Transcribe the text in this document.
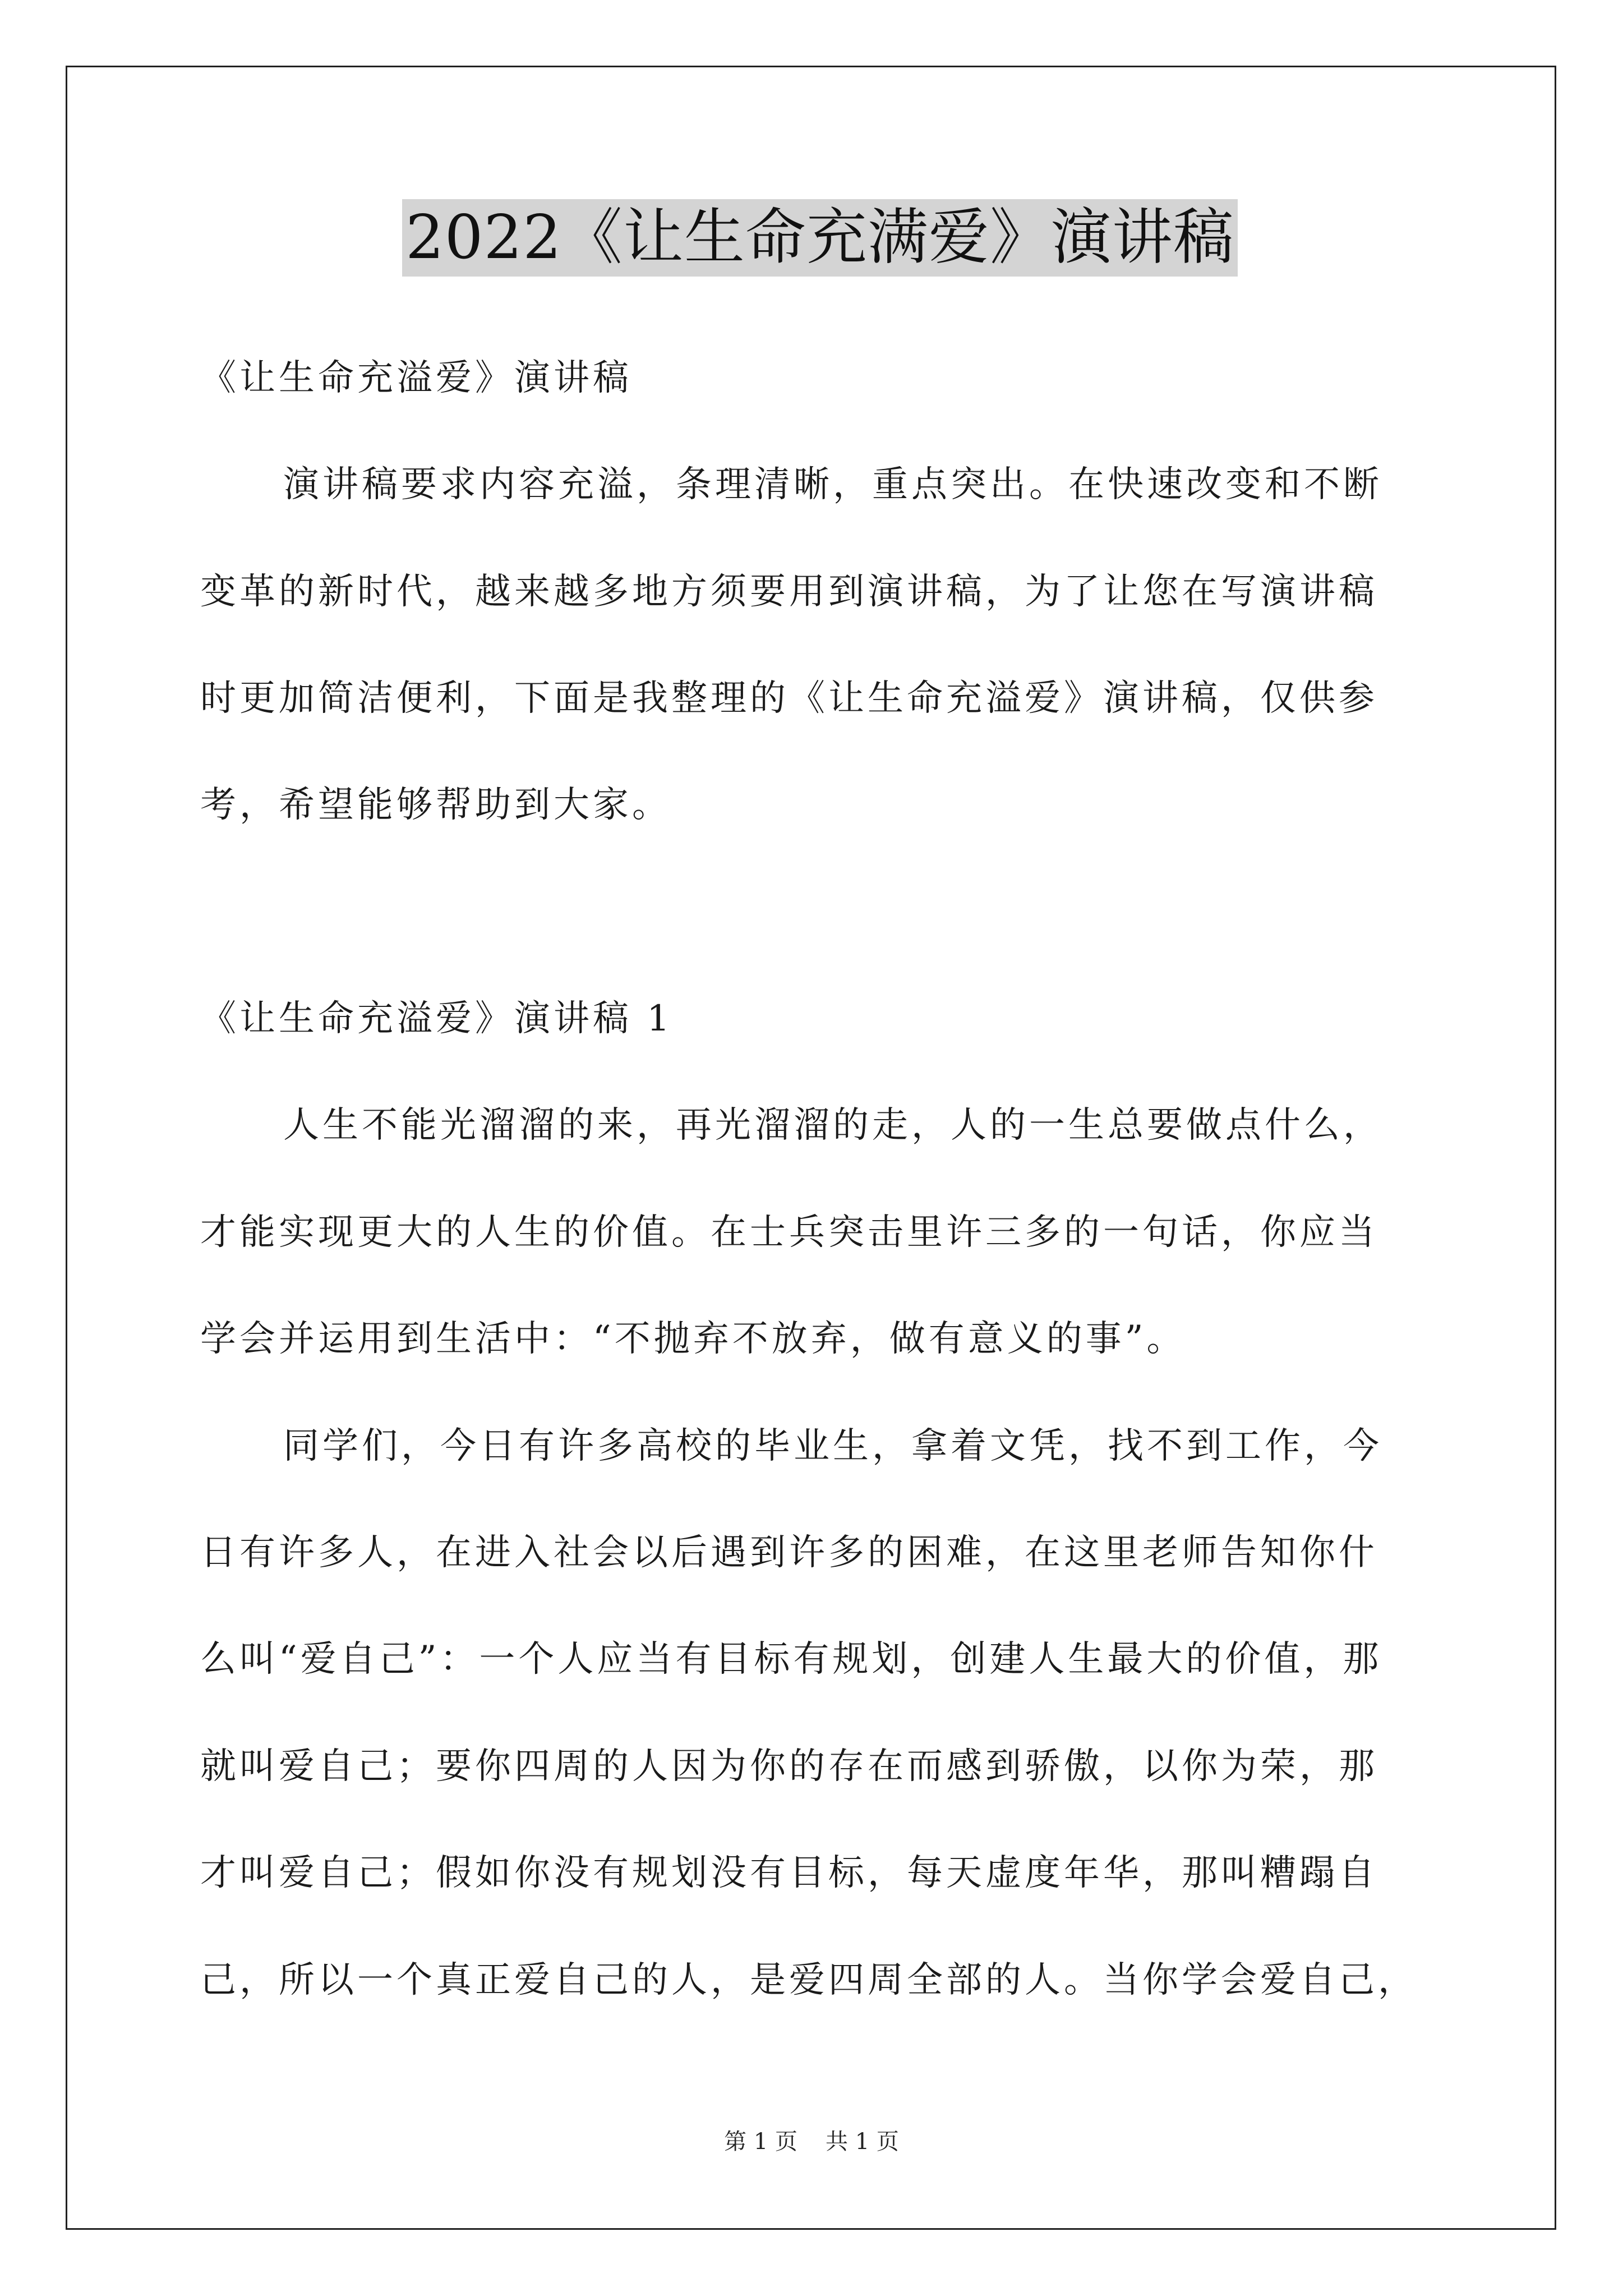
2022《让生命充满爱》演讲稿
《让生命充溢爱》演讲稿
演讲稿要求内容充溢，条理清晰，重点突出。在快速改变和不断
变革的新时代，越来越多地方须要用到演讲稿，为了让您在写演讲稿
时更加简洁便利，下面是我整理的《让生命充溢爱》演讲稿，仅供参
考，希望能够帮助到大家。
《让生命充溢爱》演讲稿 1
人生不能光溜溜的来，再光溜溜的走，人的一生总要做点什么，
才能实现更大的人生的价值。在士兵突击里许三多的一句话，你应当
学会并运用到生活中：“不抛弃不放弃，做有意义的事”。
同学们，今日有许多高校的毕业生，拿着文凭，找不到工作，今
日有许多人，在进入社会以后遇到许多的困难，在这里老师告知你什
么叫“爱自己”：一个人应当有目标有规划，创建人生最大的价值，那
就叫爱自己；要你四周的人因为你的存在而感到骄傲，以你为荣，那
才叫爱自己；假如你没有规划没有目标，每天虚度年华，那叫糟蹋自
己，所以一个真正爱自己的人，是爱四周全部的人。当你学会爱自己，
第 1 页 共 1 页
